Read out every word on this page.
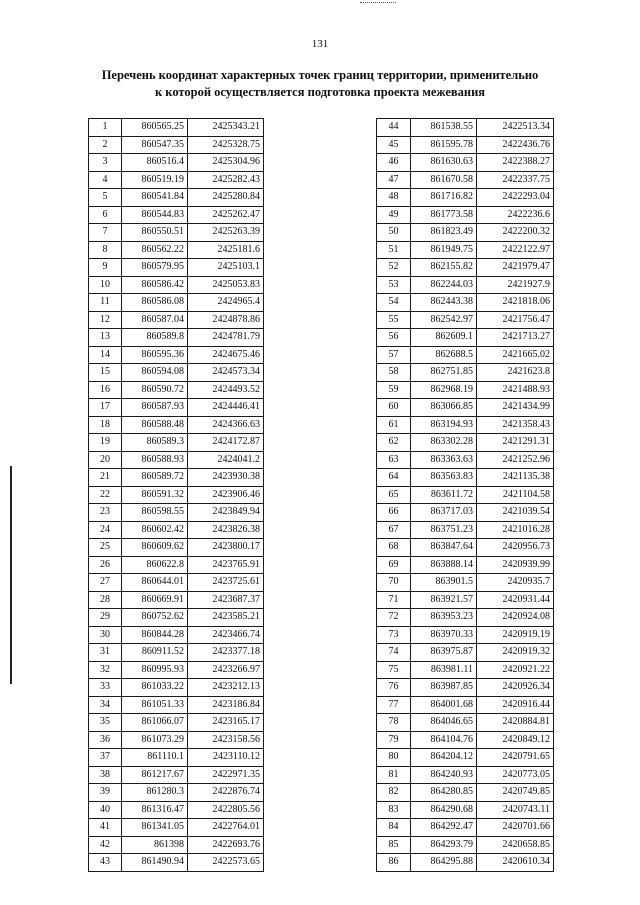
131
Перечень координат характерных точек границ территории, применительно
к которой осуществляется подготовка проекта межевания
1	860565.25	2425343.21
2	860547.35	2425328.75
3	860516.4	2425304.96
4	860519.19	2425282.43
5	860541.84	2425280.84
6	860544.83	2425262.47
7	860550.51	2425263.39
8	860562.22	2425181.6
9	860579.95	2425103.1
10	860586.42	2425053.83
11	860586.08	2424965.4
12	860587.04	2424878.86
13	860589.8	2424781.79
14	860595.36	2424675.46
15	860594.08	2424573.34
16	860590.72	2424493.52
17	860587.93	2424446.41
18	860588.48	2424366.63
19	860589.3	2424172.87
20	860588.93	2424041.2
21	860589.72	2423930.38
22	860591.32	2423906.46
23	860598.55	2423849.94
24	860602.42	2423826.38
25	860609.62	2423800.17
26	860622.8	2423765.91
27	860644.01	2423725.61
28	860669.91	2423687.37
29	860752.62	2423585.21
30	860844.28	2423466.74
31	860911.52	2423377.18
32	860995.93	2423266.97
33	861033.22	2423212.13
34	861051.33	2423186.84
35	861066.07	2423165.17
36	861073.29	2423158.56
37	861110.1	2423110.12
38	861217.67	2422971.35
39	861280.3	2422876.74
40	861316.47	2422805.56
41	861341.05	2422764.01
42	861398	2422693.76
43	861490.94	2422573.65
44	861538.55	2422513.34
45	861595.78	2422436.76
46	861630.63	2422388.27
47	861670.58	2422337.75
48	861716.82	2422293.04
49	861773.58	2422236.6
50	861823.49	2422200.32
51	861949.75	2422122.97
52	862155.82	2421979.47
53	862244.03	2421927.9
54	862443.38	2421818.06
55	862542.97	2421756.47
56	862609.1	2421713.27
57	862688.5	2421665.02
58	862751.85	2421623.8
59	862968.19	2421488.93
60	863066.85	2421434.99
61	863194.93	2421358.43
62	863302.28	2421291.31
63	863363.63	2421252.96
64	863563.83	2421135.38
65	863611.72	2421104.58
66	863717.03	2421039.54
67	863751.23	2421016.28
68	863847.64	2420956.73
69	863888.14	2420939.99
70	863901.5	2420935.7
71	863921.57	2420931.44
72	863953.23	2420924.08
73	863970.33	2420919.19
74	863975.87	2420919.32
75	863981.11	2420921.22
76	863987.85	2420926.34
77	864001.68	2420916.44
78	864046.65	2420884.81
79	864104.76	2420849.12
80	864204.12	2420791.65
81	864240.93	2420773.05
82	864280.85	2420749.85
83	864290.68	2420743.11
84	864292.47	2420701.66
85	864293.79	2420658.85
86	864295.88	2420610.34
